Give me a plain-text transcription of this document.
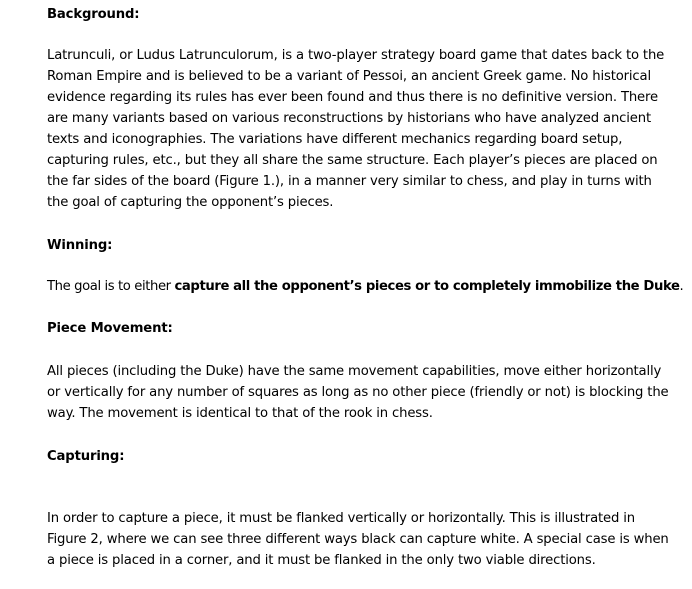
Background:
Latrunculi, or Ludus Latrunculorum, is a two-player strategy board game that dates back to the
Roman Empire and is believed to be a variant of Pessoi, an ancient Greek game. No historical
evidence regarding its rules has ever been found and thus there is no definitive version. There
are many variants based on various reconstructions by historians who have analyzed ancient
texts and iconographies. The variations have different mechanics regarding board setup,
capturing rules, etc., but they all share the same structure. Each player’s pieces are placed on
the far sides of the board (Figure 1.), in a manner very similar to chess, and play in turns with
the goal of capturing the opponent’s pieces.
Winning:
The goal is to either capture all the opponent’s pieces or to completely immobilize the Duke.
Piece Movement:
All pieces (including the Duke) have the same movement capabilities, move either horizontally
or vertically for any number of squares as long as no other piece (friendly or not) is blocking the
way. The movement is identical to that of the rook in chess.
Capturing:
In order to capture a piece, it must be flanked vertically or horizontally. This is illustrated in
Figure 2, where we can see three different ways black can capture white. A special case is when
a piece is placed in a corner, and it must be flanked in the only two viable directions.
